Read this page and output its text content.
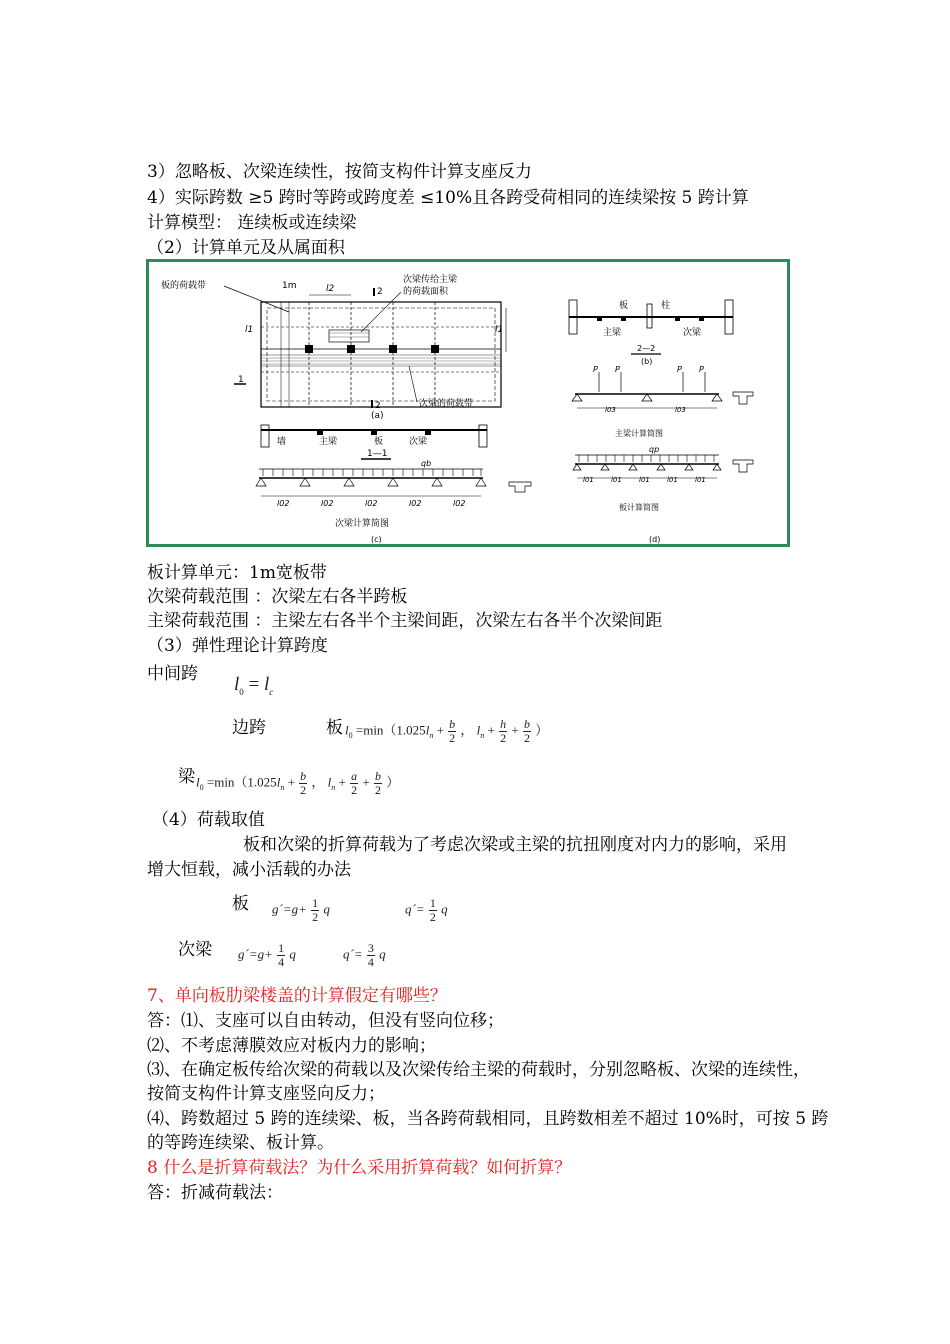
3）忽略板、次梁连续性，按简支构件计算支座反力
4）实际跨数 ≥5 跨时等跨或跨度差 ≤10%且各跨受荷相同的连续梁按 5 跨计算
计算模型： 连续板或连续梁
（2）计算单元及从属面积
板的荷载带	1m	l2	2
2
次梁传给主梁
的荷载面积
1
l1	l1
次梁的荷载带
(a)
墙	主梁	板	次梁
1—1
qb
l02	l02	l02	l02	l02
次梁计算简图
(c)
板	柱
主梁	次梁
2—2
(b)
P P	P P
l03	l03
主梁计算简图
qp
l01 l01 l01 l01 l01
板计算简图
(d)
板计算单元：1m宽板带
次梁荷载范围 ：次梁左右各半跨板
主梁荷载范围 ：主梁左右各半个主梁间距，次梁左右各半个次梁间距
（3）弹性理论计算跨度
中间跨 $l_0 = l_c$
边跨	板 $l_0 =\min(1.025l_n + \frac{b}{2}$ ， $l_n + \frac{h}{2} + \frac{b}{2}$ ）
梁 $l_0 =\min(1.025l_n + \frac{b}{2}$ ， $l_n + \frac{a}{2} + \frac{b}{2}$ ）
（4）荷载取值
板和次梁的折算荷载为了考虑次梁或主梁的抗扭刚度对内力的影响，采用
增大恒载，减小活载的办法
板 g´=g+ $\frac{1}{2}$ q	q´= $\frac{1}{2}$ q
次梁 g´=g+ $\frac{1}{4}$ q	q´= $\frac{3}{4}$ q
7、单向板肋梁楼盖的计算假定有哪些？
答：⑴、支座可以自由转动，但没有竖向位移；
⑵、不考虑薄膜效应对板内力的影响；
⑶、在确定板传给次梁的荷载以及次梁传给主梁的荷载时，分别忽略板、次梁的连续性，
按简支构件计算支座竖向反力；
⑷、跨数超过 5 跨的连续梁、板，当各跨荷载相同，且跨数相差不超过 10%时，可按 5 跨
的等跨连续梁、板计算。
8 什么是折算荷载法？为什么采用折算荷载？如何折算？
答：折减荷载法：
